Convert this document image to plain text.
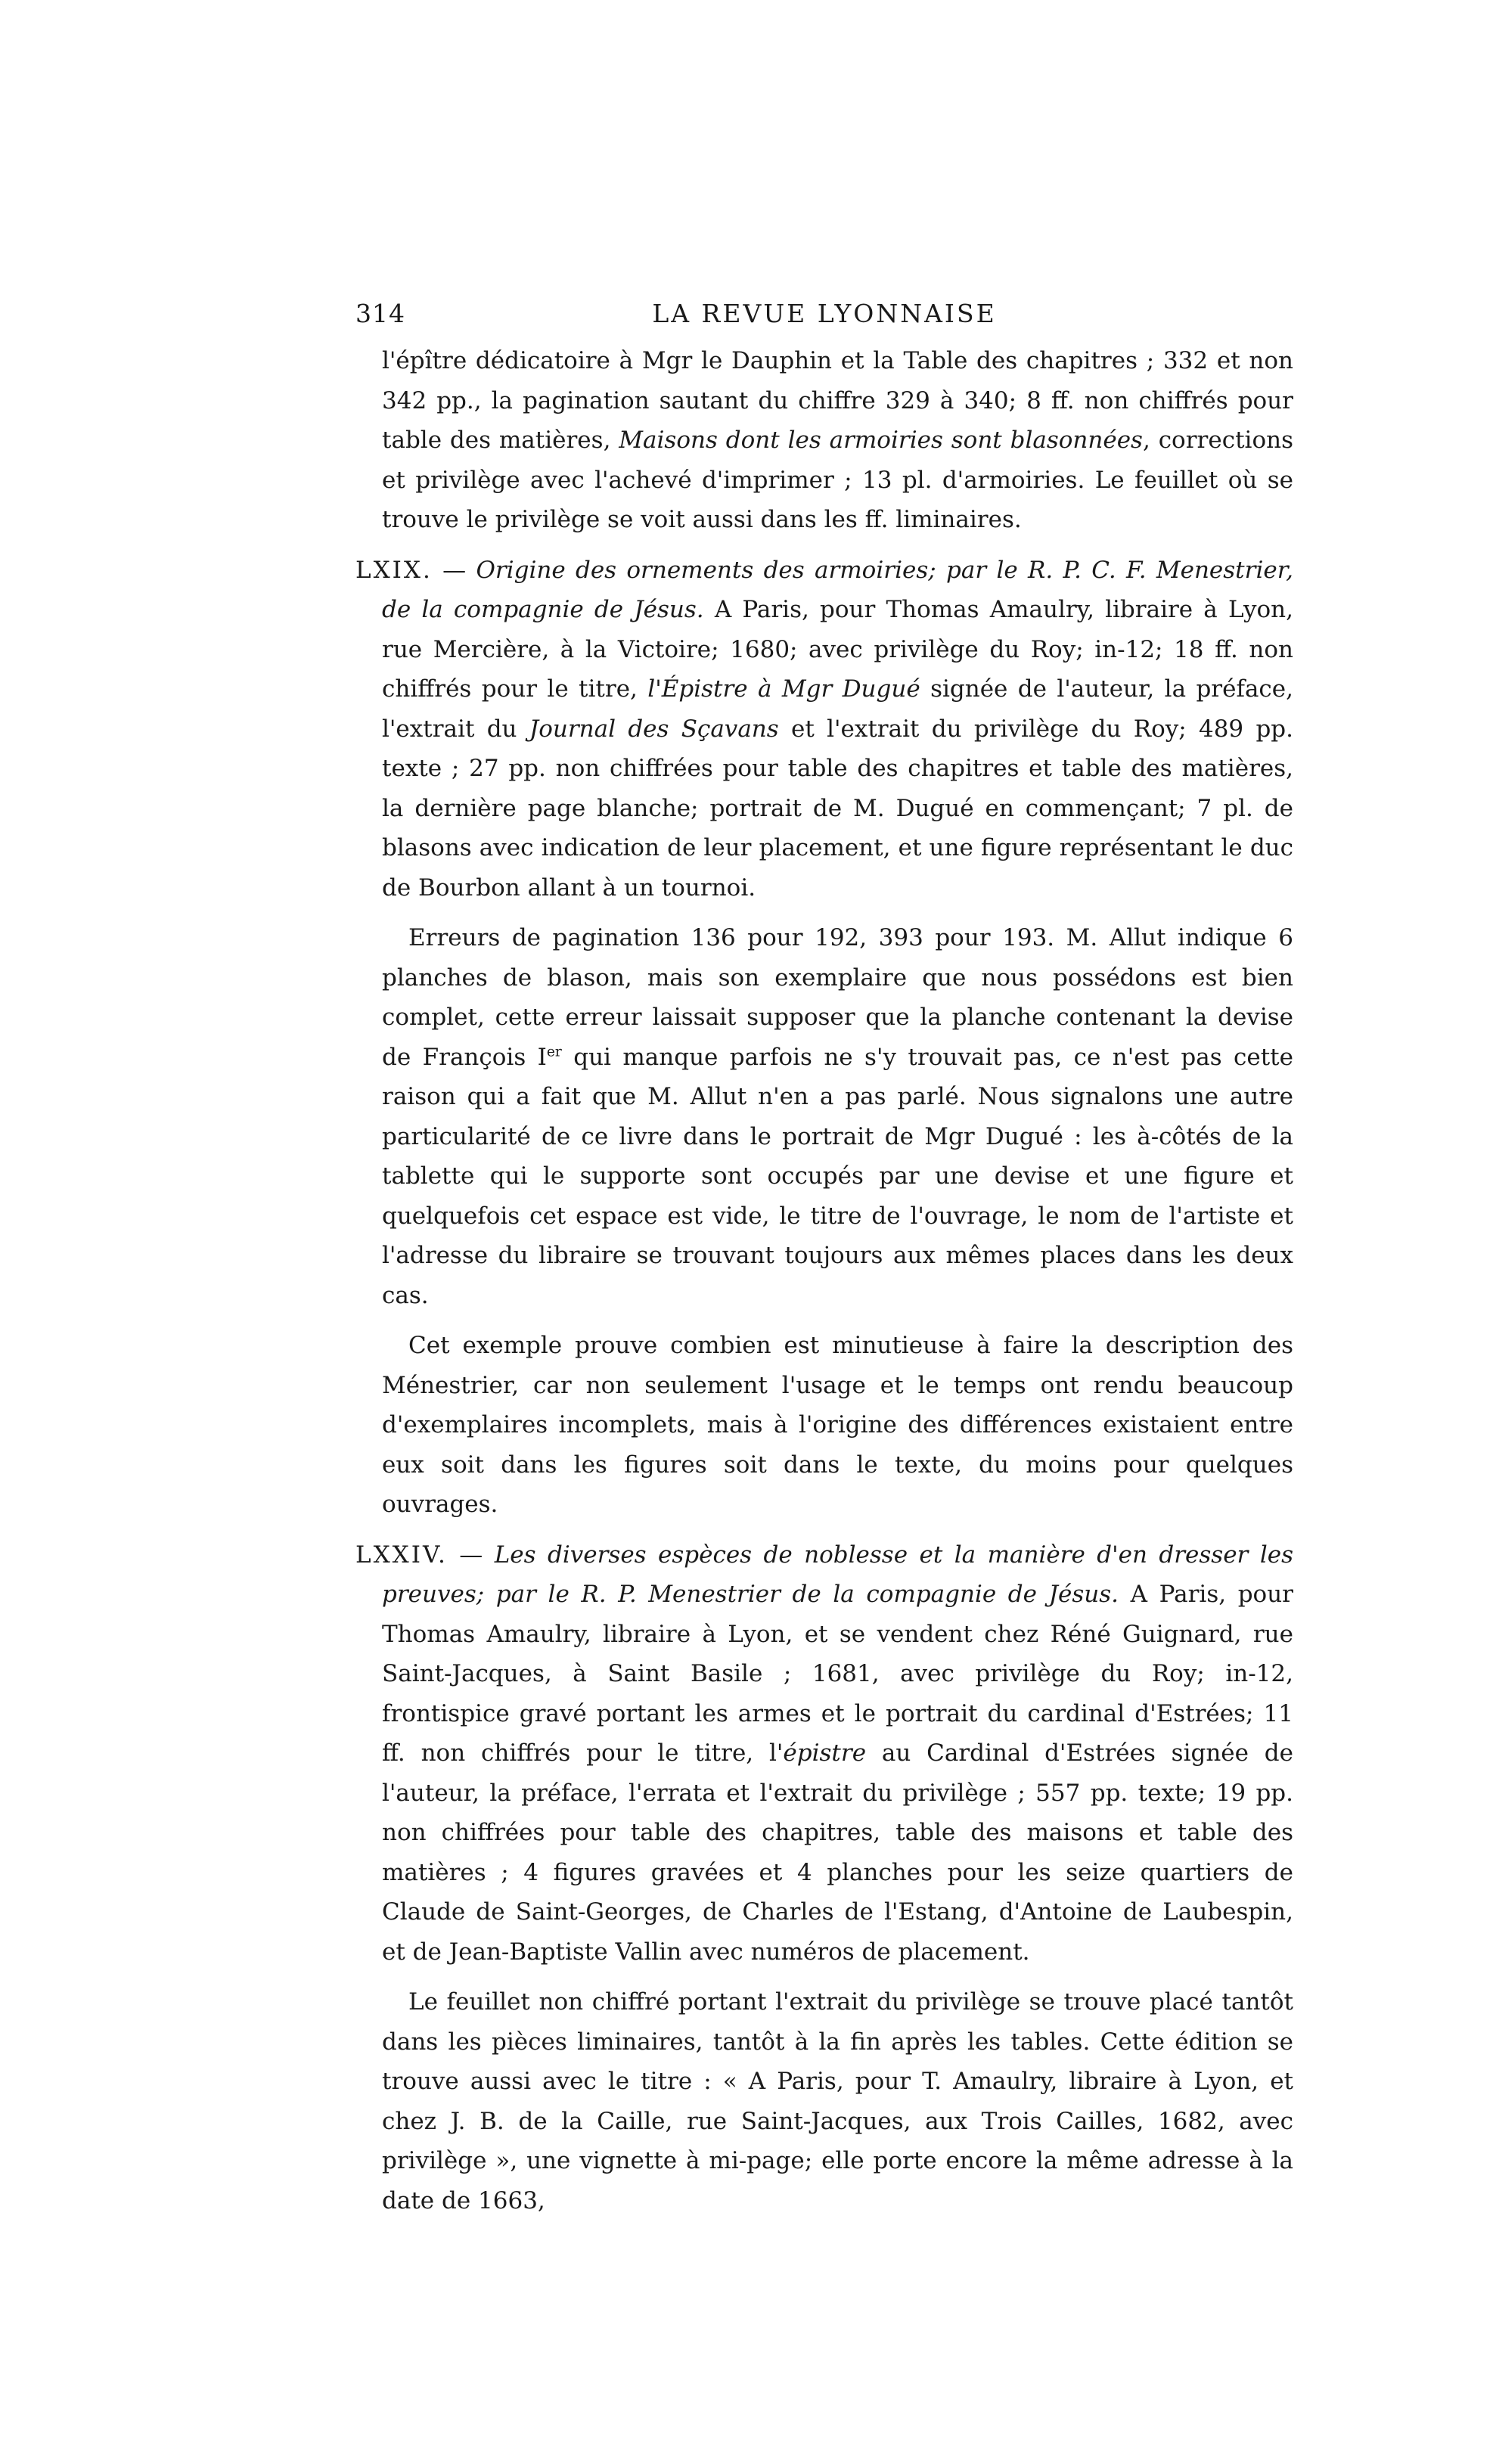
314	LA REVUE LYONNAISE

l'épître dédicatoire à Mgr le Dauphin et la Table des chapitres ; 332 et non 342 pp., la pagination sautant du chiffre 329 à 340; 8 ff. non chiffrés pour table des matières, Maisons dont les armoiries sont blasonnées, corrections et privilège avec l'achevé d'imprimer ; 13 pl. d'armoiries. Le feuillet où se trouve le privilège se voit aussi dans les ff. liminaires.

LXIX. — Origine des ornements des armoiries; par le R. P. C. F. Menestrier, de la compagnie de Jésus. A Paris, pour Thomas Amaulry, libraire à Lyon, rue Mercière, à la Victoire; 1680; avec privilège du Roy; in-12; 18 ff. non chiffrés pour le titre, l'Épistre à Mgr Dugué signée de l'auteur, la préface, l'extrait du Journal des Sçavans et l'extrait du privilège du Roy; 489 pp. texte ; 27 pp. non chiffrées pour table des chapitres et table des matières, la dernière page blanche; portrait de M. Dugué en commençant; 7 pl. de blasons avec indication de leur placement, et une figure représentant le duc de Bourbon allant à un tournoi.

Erreurs de pagination 136 pour 192, 393 pour 193. M. Allut indique 6 planches de blason, mais son exemplaire que nous possédons est bien complet, cette erreur laissait supposer que la planche contenant la devise de François Ier qui manque parfois ne s'y trouvait pas, ce n'est pas cette raison qui a fait que M. Allut n'en a pas parlé. Nous signalons une autre particularité de ce livre dans le portrait de Mgr Dugué : les à-côtés de la tablette qui le supporte sont occupés par une devise et une figure et quelquefois cet espace est vide, le titre de l'ouvrage, le nom de l'artiste et l'adresse du libraire se trouvant toujours aux mêmes places dans les deux cas.

Cet exemple prouve combien est minutieuse à faire la description des Ménestrier, car non seulement l'usage et le temps ont rendu beaucoup d'exemplaires incomplets, mais à l'origine des différences existaient entre eux soit dans les figures soit dans le texte, du moins pour quelques ouvrages.

LXXIV. — Les diverses espèces de noblesse et la manière d'en dresser les preuves; par le R. P. Menestrier de la compagnie de Jésus. A Paris, pour Thomas Amaulry, libraire à Lyon, et se vendent chez Réné Guignard, rue Saint-Jacques, à Saint Basile ; 1681, avec privilège du Roy; in-12, frontispice gravé portant les armes et le portrait du cardinal d'Estrées; 11 ff. non chiffrés pour le titre, l'épistre au Cardinal d'Estrées signée de l'auteur, la préface, l'errata et l'extrait du privilège ; 557 pp. texte; 19 pp. non chiffrées pour table des chapitres, table des maisons et table des matières ; 4 figures gravées et 4 planches pour les seize quartiers de Claude de Saint-Georges, de Charles de l'Estang, d'Antoine de Laubespin, et de Jean-Baptiste Vallin avec numéros de placement.

Le feuillet non chiffré portant l'extrait du privilège se trouve placé tantôt dans les pièces liminaires, tantôt à la fin après les tables. Cette édition se trouve aussi avec le titre : « A Paris, pour T. Amaulry, libraire à Lyon, et chez J. B. de la Caille, rue Saint-Jacques, aux Trois Cailles, 1682, avec privilège », une vignette à mi-page; elle porte encore la même adresse à la date de 1663,
